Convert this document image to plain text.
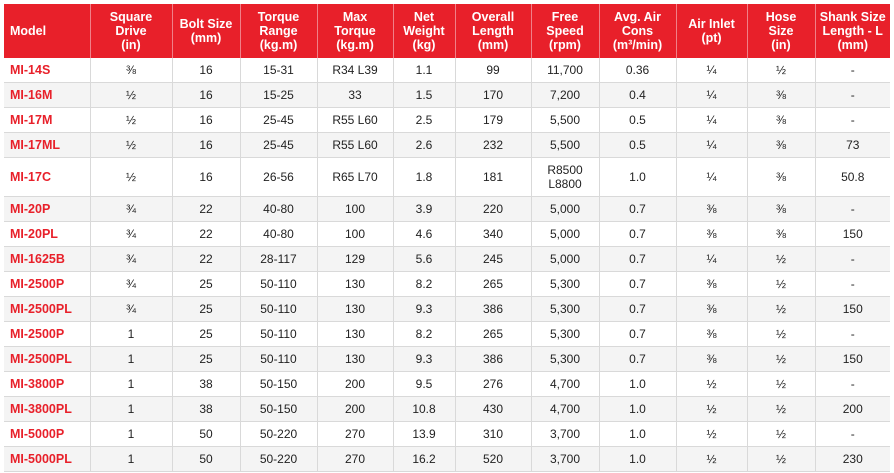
Model	Square
Drive
(in)	Bolt Size
(mm)	Torque
Range
(kg.m)	Max
Torque
(kg.m)	Net
Weight
(kg)	Overall
Length
(mm)	Free
Speed
(rpm)	Avg. Air
Cons
(m³/min)	Air Inlet
(pt)	Hose
Size
(in)	Shank Size
Length - L
(mm)
MI-14S	⅜	16	15-31	R34 L39	1.1	99	11,700	0.36	¼	½	-
MI-16M	½	16	15-25	33	1.5	170	7,200	0.4	¼	⅜	-
MI-17M	½	16	25-45	R55 L60	2.5	179	5,500	0.5	¼	⅜	-
MI-17ML	½	16	25-45	R55 L60	2.6	232	5,500	0.5	¼	⅜	73
MI-17C	½	16	26-56	R65 L70	1.8	181	R8500
L8800	1.0	¼	⅜	50.8
MI-20P	¾	22	40-80	100	3.9	220	5,000	0.7	⅜	⅜	-
MI-20PL	¾	22	40-80	100	4.6	340	5,000	0.7	⅜	⅜	150
MI-1625B	¾	22	28-117	129	5.6	245	5,000	0.7	¼	½	-
MI-2500P	¾	25	50-110	130	8.2	265	5,300	0.7	⅜	½	-
MI-2500PL	¾	25	50-110	130	9.3	386	5,300	0.7	⅜	½	150
MI-2500P	1	25	50-110	130	8.2	265	5,300	0.7	⅜	½	-
MI-2500PL	1	25	50-110	130	9.3	386	5,300	0.7	⅜	½	150
MI-3800P	1	38	50-150	200	9.5	276	4,700	1.0	½	½	-
MI-3800PL	1	38	50-150	200	10.8	430	4,700	1.0	½	½	200
MI-5000P	1	50	50-220	270	13.9	310	3,700	1.0	½	½	-
MI-5000PL	1	50	50-220	270	16.2	520	3,700	1.0	½	½	230
